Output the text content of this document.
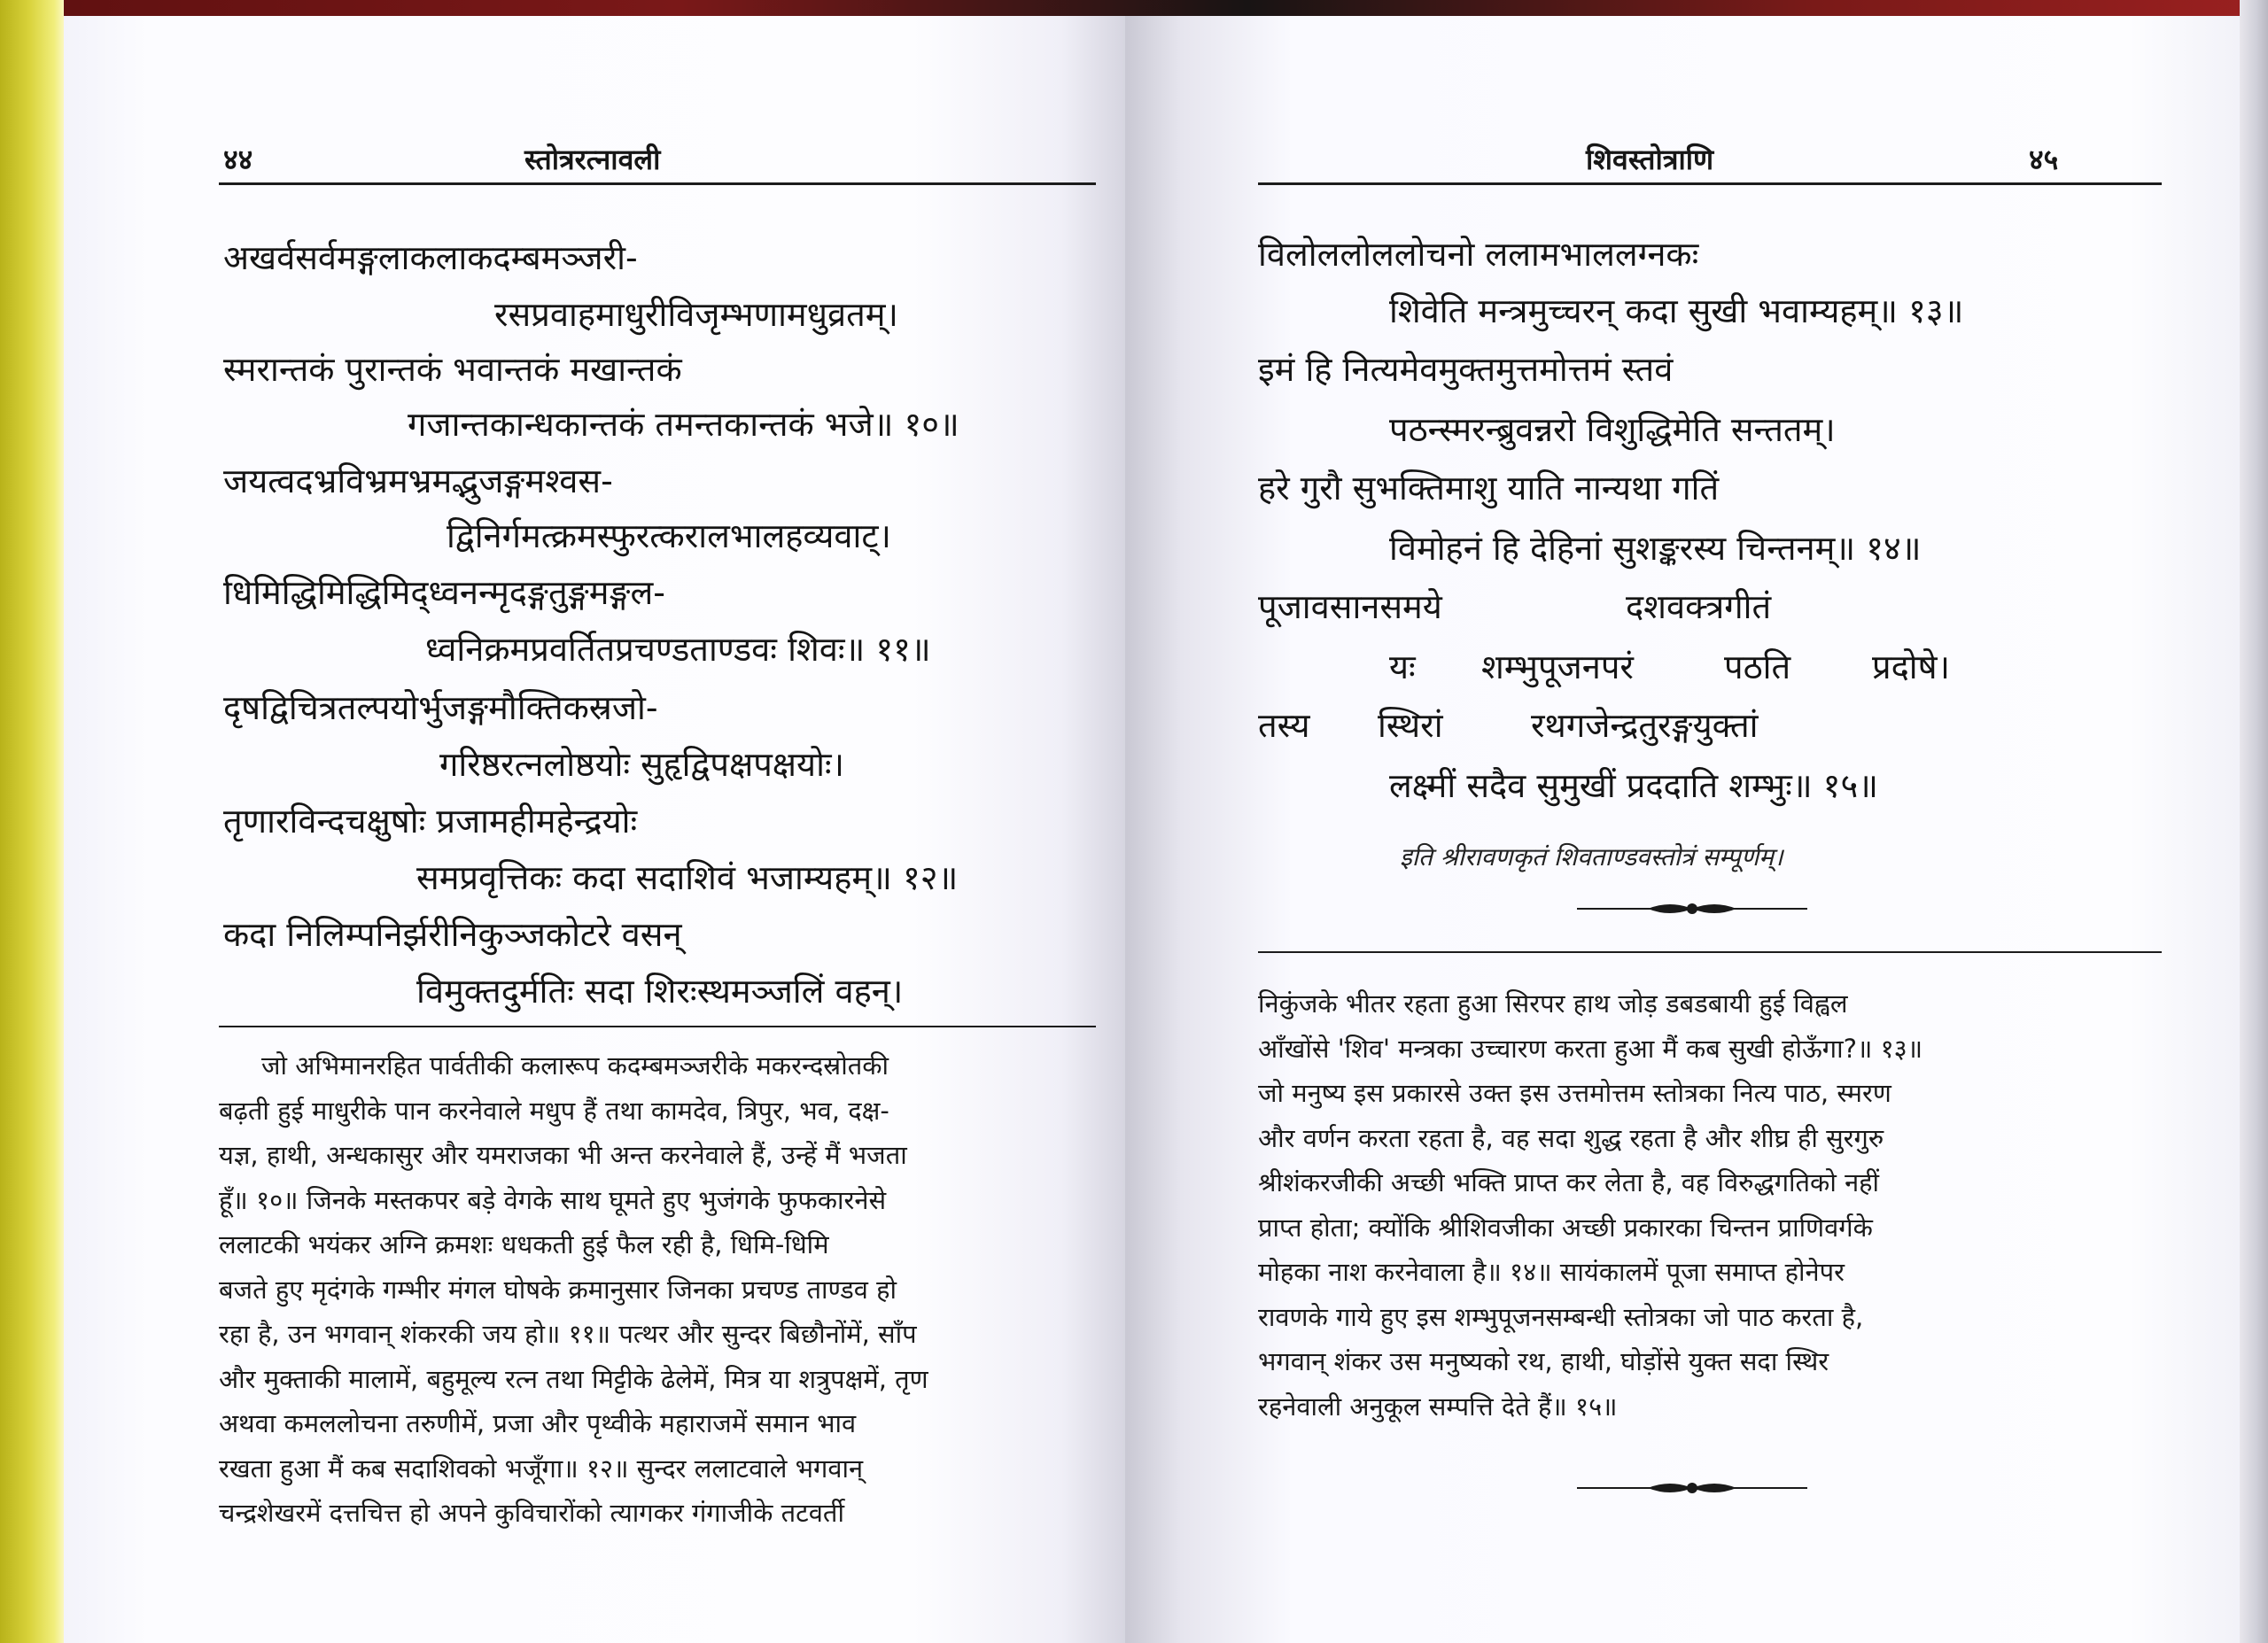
४४	स्तोत्ररत्नावली
अखर्वसर्वमङ्गलाकलाकदम्बमञ्जरी-
रसप्रवाहमाधुरीविजृम्भणामधुव्रतम्।
स्मरान्तकं पुरान्तकं भवान्तकं मखान्तकं
गजान्तकान्धकान्तकं तमन्तकान्तकं भजे॥ १०॥
जयत्वदभ्रविभ्रमभ्रमद्भुजङ्गमश्वस-
द्विनिर्गमत्क्रमस्फुरत्करालभालहव्यवाट्।
धिमिद्धिमिद्धिमिद्ध्वनन्मृदङ्गतुङ्गमङ्गल-
ध्वनिक्रमप्रवर्तितप्रचण्डताण्डवः शिवः॥ ११॥
दृषद्विचित्रतल्पयोर्भुजङ्गमौक्तिकस्रजो-
गरिष्ठरत्नलोष्ठयोः सुहृद्विपक्षपक्षयोः।
तृणारविन्दचक्षुषोः प्रजामहीमहेन्द्रयोः
समप्रवृत्तिकः कदा सदाशिवं भजाम्यहम्॥ १२॥
कदा निलिम्पनिर्झरीनिकुञ्जकोटरे वसन्
विमुक्तदुर्मतिः सदा शिरःस्थमञ्जलिं वहन्।

जो अभिमानरहित पार्वतीकी कलारूप कदम्बमञ्जरीके मकरन्दस्रोतकी

बढ़ती हुई माधुरीके पान करनेवाले मधुप हैं तथा कामदेव, त्रिपुर, भव, दक्ष-

यज्ञ, हाथी, अन्धकासुर और यमराजका भी अन्त करनेवाले हैं, उन्हें मैं भजता

हूँ॥ १०॥ जिनके मस्तकपर बड़े वेगके साथ घूमते हुए भुजंगके फुफकारनेसे

ललाटकी भयंकर अग्नि क्रमशः धधकती हुई फैल रही है, धिमि-धिमि

बजते हुए मृदंगके गम्भीर मंगल घोषके क्रमानुसार जिनका प्रचण्ड ताण्डव हो

रहा है, उन भगवान् शंकरकी जय हो॥ ११॥ पत्थर और सुन्दर बिछौनोंमें, साँप

और मुक्ताकी मालामें, बहुमूल्य रत्न तथा मिट्टीके ढेलेमें, मित्र या शत्रुपक्षमें, तृण

अथवा कमललोचना तरुणीमें, प्रजा और पृथ्वीके महाराजमें समान भाव

रखता हुआ मैं कब सदाशिवको भजूँगा॥ १२॥ सुन्दर ललाटवाले भगवान्

चन्द्रशेखरमें दत्तचित्त हो अपने कुविचारोंको त्यागकर गंगाजीके तटवर्ती

शिवस्तोत्राणि	४५
विलोललोललोचनो ललामभाललग्नकः
शिवेति मन्त्रमुच्चरन् कदा सुखी भवाम्यहम्॥ १३॥
इमं हि नित्यमेवमुक्तमुत्तमोत्तमं स्तवं
पठन्स्मरन्ब्रुवन्नरो विशुद्धिमेति सन्ततम्।
हरे गुरौ सुभक्तिमाशु याति नान्यथा गतिं
विमोहनं हि देहिनां सुशङ्करस्य चिन्तनम्॥ १४॥
पूजावसानसमये	दशवक्त्रगीतं
यः	शम्भुपूजनपरं	पठति	प्रदोषे।
तस्य	स्थिरां	रथगजेन्द्रतुरङ्गयुक्तां
लक्ष्मीं सदैव सुमुखीं प्रददाति शम्भुः॥ १५॥
इति श्रीरावणकृतं शिवताण्डवस्तोत्रं सम्पूर्णम्।

निकुंजके भीतर रहता हुआ सिरपर हाथ जोड़ डबडबायी हुई विह्वल

आँखोंसे 'शिव' मन्त्रका उच्चारण करता हुआ मैं कब सुखी होऊँगा?॥ १३॥

जो मनुष्य इस प्रकारसे उक्त इस उत्तमोत्तम स्तोत्रका नित्य पाठ, स्मरण

और वर्णन करता रहता है, वह सदा शुद्ध रहता है और शीघ्र ही सुरगुरु

श्रीशंकरजीकी अच्छी भक्ति प्राप्त कर लेता है, वह विरुद्धगतिको नहीं

प्राप्त होता; क्योंकि श्रीशिवजीका अच्छी प्रकारका चिन्तन प्राणिवर्गके

मोहका नाश करनेवाला है॥ १४॥ सायंकालमें पूजा समाप्त होनेपर

रावणके गाये हुए इस शम्भुपूजनसम्बन्धी स्तोत्रका जो पाठ करता है,

भगवान् शंकर उस मनुष्यको रथ, हाथी, घोड़ोंसे युक्त सदा स्थिर

रहनेवाली अनुकूल सम्पत्ति देते हैं॥ १५॥
